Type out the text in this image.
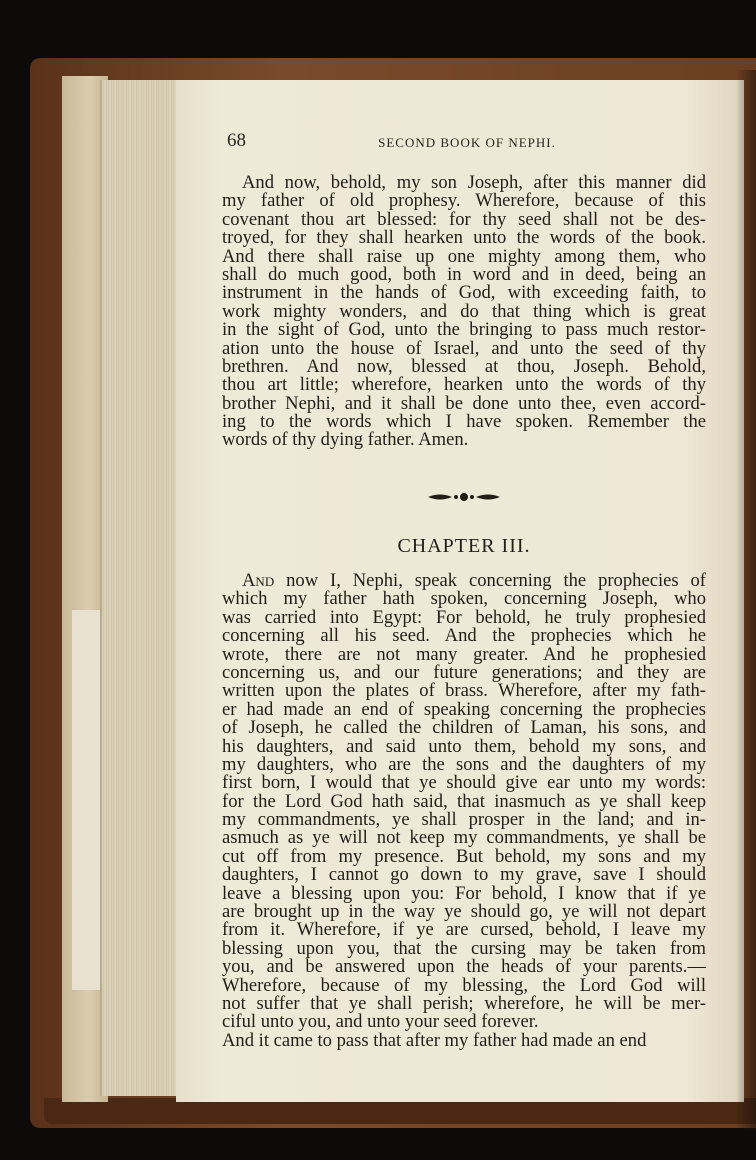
68	SECOND BOOK OF NEPHI.
And now, behold, my son Joseph, after this manner did
my father of old prophesy. Wherefore, because of this
covenant thou art blessed: for thy seed shall not be des-
troyed, for they shall hearken unto the words of the book.
And there shall raise up one mighty among them, who
shall do much good, both in word and in deed, being an
instrument in the hands of God, with exceeding faith, to
work mighty wonders, and do that thing which is great
in the sight of God, unto the bringing to pass much restor-
ation unto the house of Israel, and unto the seed of thy
brethren. And now, blessed at thou, Joseph. Behold,
thou art little; wherefore, hearken unto the words of thy
brother Nephi, and it shall be done unto thee, even accord-
ing to the words which I have spoken. Remember the
words of thy dying father. Amen.
CHAPTER III.
And now I, Nephi, speak concerning the prophecies of
which my father hath spoken, concerning Joseph, who
was carried into Egypt: For behold, he truly prophesied
concerning all his seed. And the prophecies which he
wrote, there are not many greater. And he prophesied
concerning us, and our future generations; and they are
written upon the plates of brass. Wherefore, after my fath-
er had made an end of speaking concerning the prophecies
of Joseph, he called the children of Laman, his sons, and
his daughters, and said unto them, behold my sons, and
my daughters, who are the sons and the daughters of my
first born, I would that ye should give ear unto my words:
for the Lord God hath said, that inasmuch as ye shall keep
my commandments, ye shall prosper in the land; and in-
asmuch as ye will not keep my commandments, ye shall be
cut off from my presence. But behold, my sons and my
daughters, I cannot go down to my grave, save I should
leave a blessing upon you: For behold, I know that if ye
are brought up in the way ye should go, ye will not depart
from it. Wherefore, if ye are cursed, behold, I leave my
blessing upon you, that the cursing may be taken from
you, and be answered upon the heads of your parents.—
Wherefore, because of my blessing, the Lord God will
not suffer that ye shall perish; wherefore, he will be mer-
ciful unto you, and unto your seed forever.
And it came to pass that after my father had made an end
